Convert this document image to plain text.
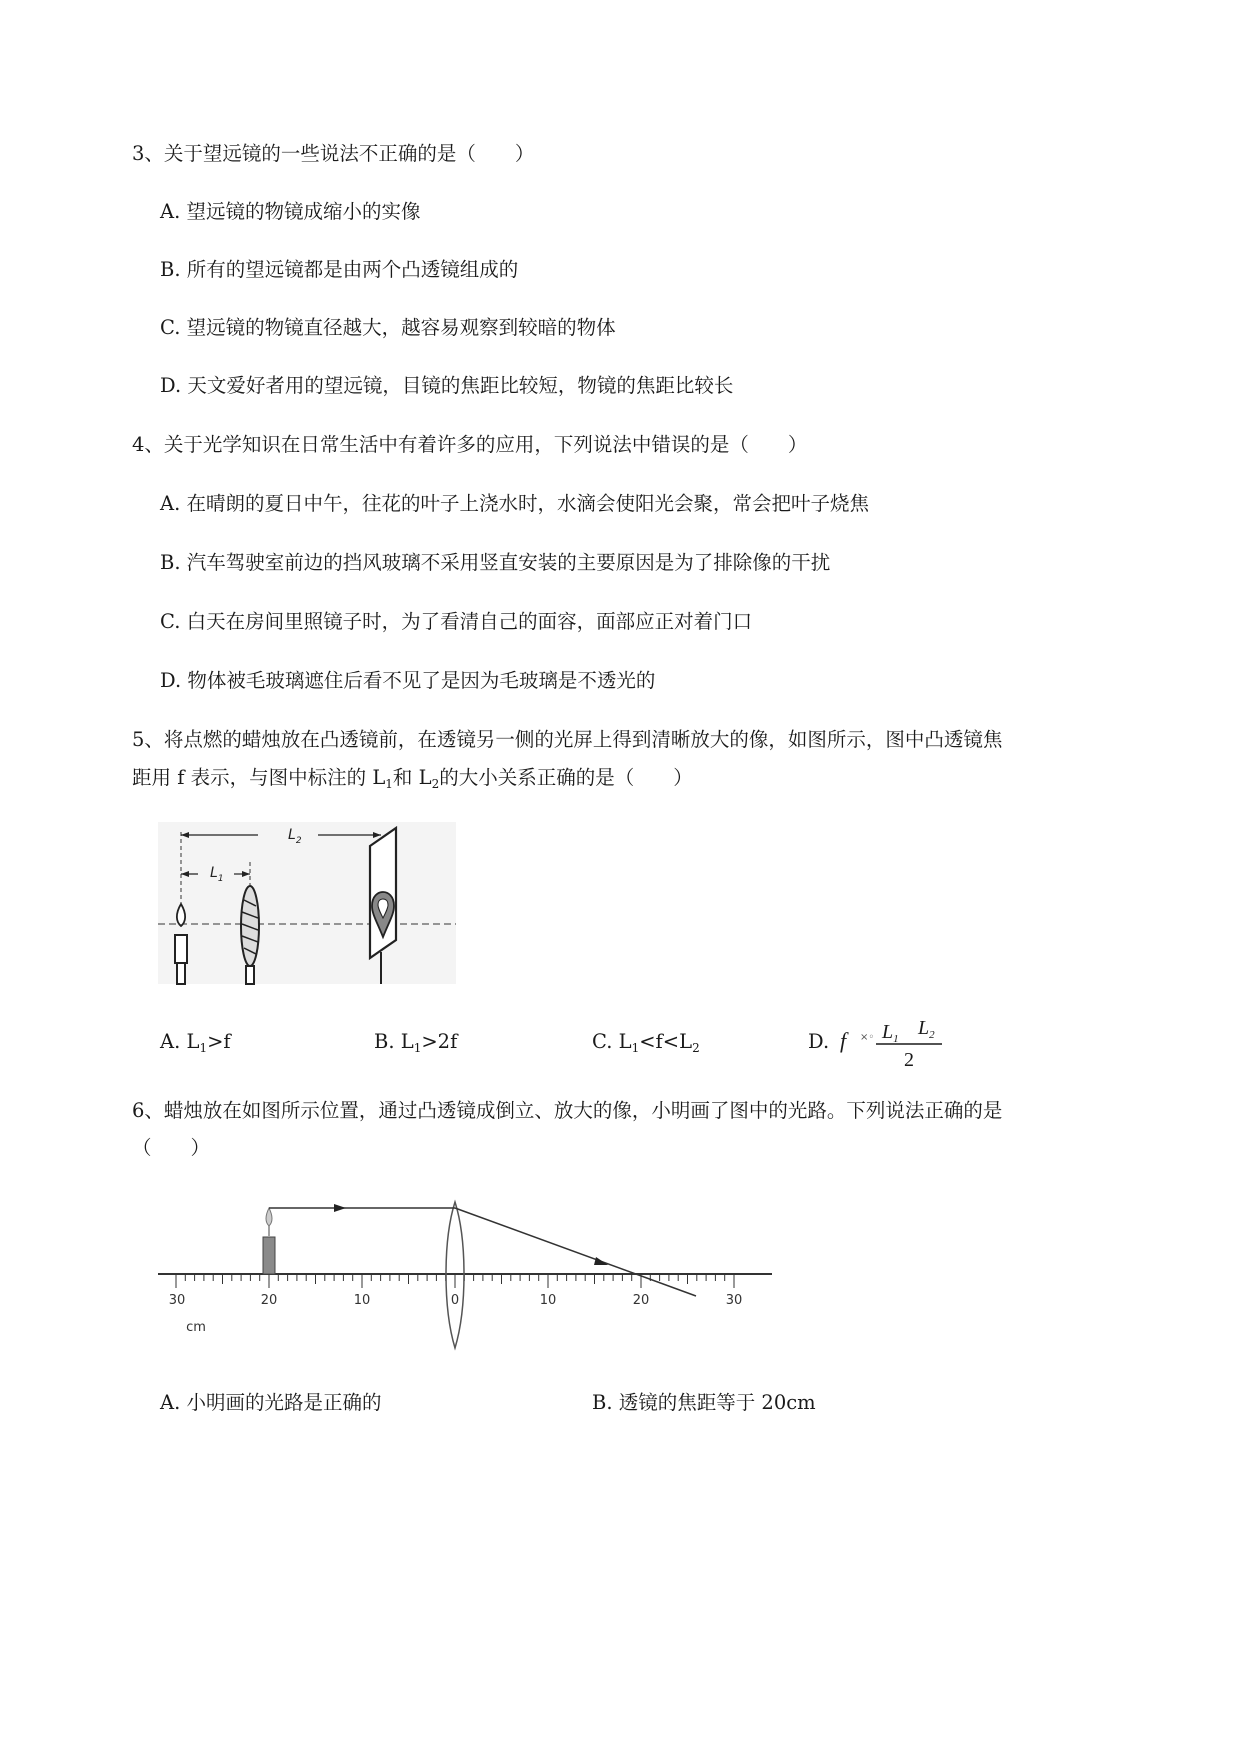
3、关于望远镜的一些说法不正确的是（　　）
A. 望远镜的物镜成缩小的实像
B. 所有的望远镜都是由两个凸透镜组成的
C. 望远镜的物镜直径越大，越容易观察到较暗的物体
D. 天文爱好者用的望远镜，目镜的焦距比较短，物镜的焦距比较长
4、关于光学知识在日常生活中有着许多的应用，下列说法中错误的是（　　）
A. 在晴朗的夏日中午，往花的叶子上浇水时，水滴会使阳光会聚，常会把叶子烧焦
B. 汽车驾驶室前边的挡风玻璃不采用竖直安装的主要原因是为了排除像的干扰
C. 白天在房间里照镜子时，为了看清自己的面容，面部应正对着门口
D. 物体被毛玻璃遮住后看不见了是因为毛玻璃是不透光的
5、将点燃的蜡烛放在凸透镜前，在透镜另一侧的光屏上得到清晰放大的像，如图所示，图中凸透镜焦
距用 f 表示，与图中标注的 $L_1$和 $L_2$的大小关系正确的是（　　）
$L_2$
$L_1$
A. $L_1>f$	B. $L_1>2f$	C. $L_1<f<L_2$	D. f ×◦ $L_1$ $L_2$
2
6、蜡烛放在如图所示位置，通过凸透镜成倒立、放大的像，小明画了图中的光路。下列说法正确的是
（　　）
30	20	10	0	10	20	30
cm
A. 小明画的光路是正确的	B. 透镜的焦距等于 20cm
